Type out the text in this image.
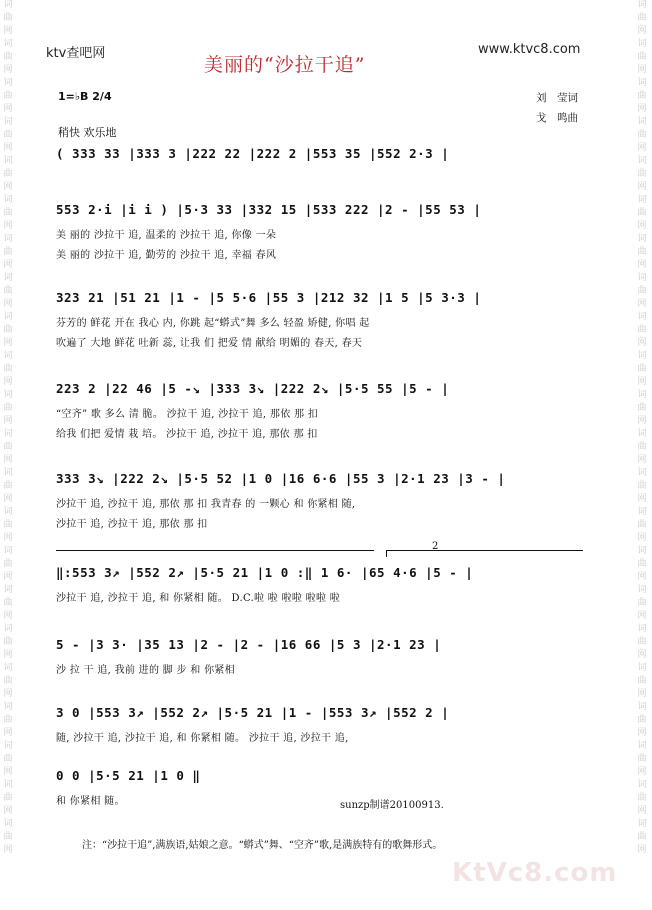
词
曲
网
词
曲
网
词
曲
网
词
曲
网
词
曲
网
词
曲
网
词
曲
网
词
曲
网
词
曲
网
词
曲
网
词
曲
网
词
曲
网
词
曲
网
词
曲
网
词
曲
网
词
曲
网
词
曲
网
词
曲
网
词
曲
网
词
曲
网
词
曲
网
词
曲
网
词
曲
网
词
曲
网
词
曲
网
词
曲
网
词
曲
网
词
曲
网
词
曲
网
词
曲
网
词
曲
网
词
曲
网
词
曲
网
词
曲
网
词
曲
网
词
曲
网
词
曲
网
词
曲
网
词
曲
网
词
曲
网
词
曲
网
词
曲
网
词
曲
网
词
曲
网
ktv查吧网
美丽的“沙拉干追”
www.ktvc8.com
1=♭B 2/4	刘　莹词
戈　鸣曲
稍快 欢乐地
( 333 33 |333 3 |222 22 |222 2 |553 35 |552 2·3 |
553 2·i |i i ) |5·3 33 |332 15 |533 222 |2 - |55 53 |
美 丽的 沙拉干 追, 温柔的 沙拉干 追, 你像 一朵
美 丽的 沙拉干 追, 勤劳的 沙拉干 追, 幸福 春风
323 21 |51 21 |1 - |5 5·6 |55 3 |212 32 |1 5 |5 3·3 |
芬芳的 鲜花 开在 我心 内, 你跳 起“蟒式”舞 多么 轻盈 矫健, 你唱 起
吹遍了 大地 鲜花 吐新 蕊, 让我 们 把爱 情 献给 明媚的 春天, 春天
223 2 |22 46 |5 -↘ |333 3↘ |222 2↘ |5·5 55 |5 - |
“空齐” 歌 多么 清 脆。 沙拉干 追, 沙拉干 追, 那依 那 扣
给我 们把 爱情 栽 培。 沙拉干 追, 沙拉干 追, 那依 那 扣
333 3↘ |222 2↘ |5·5 52 |1 0 |16 6·6 |55 3 |2·1 23 |3 - |
沙拉干 追, 沙拉干 追, 那依 那 扣 我青春 的 一颗心 和 你紧相 随,
沙拉干 追, 沙拉干 追, 那依 那 扣
‖:553 3↗ |552 2↗ |5·5 21 |1 0 :‖ 1 6· |65 4·6 |5 - |
沙拉干 追, 沙拉干 追, 和 你紧相 随。 D.C.啦 啦 啦啦 啦啦 啦
5 - |3 3· |35 13 |2 - |2 - |16 66 |5 3 |2·1 23 |
沙 拉 干 追, 我前 进的 脚 步 和 你紧相
3 0 |553 3↗ |552 2↗ |5·5 21 |1 - |553 3↗ |552 2 |
随, 沙拉干 追, 沙拉干 追, 和 你紧相 随。 沙拉干 追, 沙拉干 追,
0 0 |5·5 21 |1 0 ‖
和 你紧相 随。
2
sunzp制谱20100913.
注：“沙拉干追”,满族语,姑娘之意。“蟒式”舞、“空齐”歌,是满族特有的歌舞形式。
KtVc8.com
